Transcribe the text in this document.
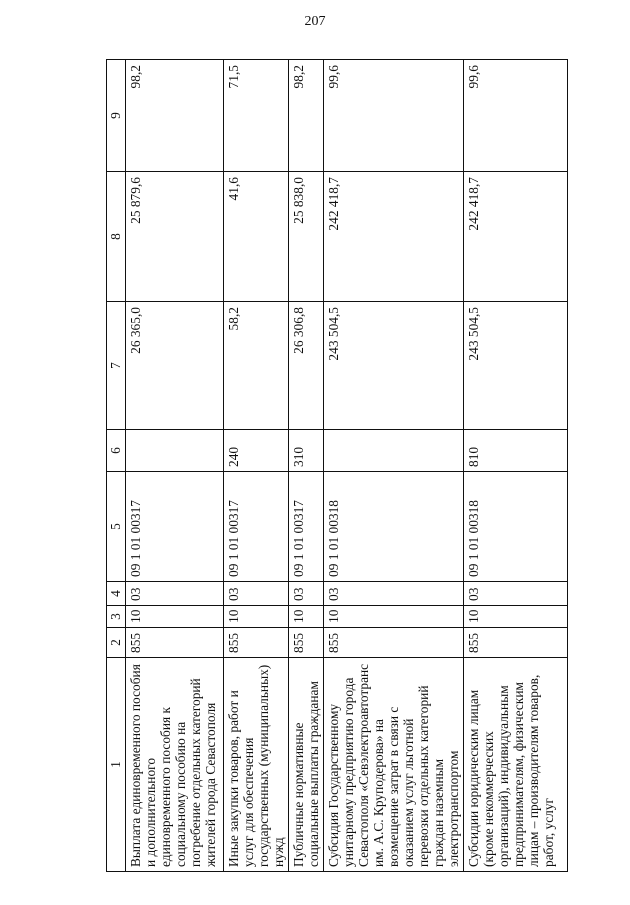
207
1	2	3	4	5	6	7	8	9
Выплата единовременного пособия и дополнительного единовременного пособия к социальному пособию на погребение отдельных категорий жителей города Севастополя	855	10	03	09 1 01 00317		26 365,0	25 879,6	98,2
Иные закупки товаров, работ и услуг для обеспечения государственных (муниципальных) нужд	855	10	03	09 1 01 00317	240	58,2	41,6	71,5
Публичные нормативные социальные выплаты гражданам	855	10	03	09 1 01 00317	310	26 306,8	25 838,0	98,2
Субсидия Государственному унитарному предприятию города Севастополя «Севэлектроавтотранс им. А.С. Круподерова» на возмещение затрат в связи с оказанием услуг льготной перевозки отдельных категорий граждан наземным электротранспортом	855	10	03	09 1 01 00318		243 504,5	242 418,7	99,6
Субсидии юридическим лицам (кроме некоммерческих организаций), индивидуальным предпринимателям, физическим лицам – производителям товаров, работ, услуг	855	10	03	09 1 01 00318	810	243 504,5	242 418,7	99,6
